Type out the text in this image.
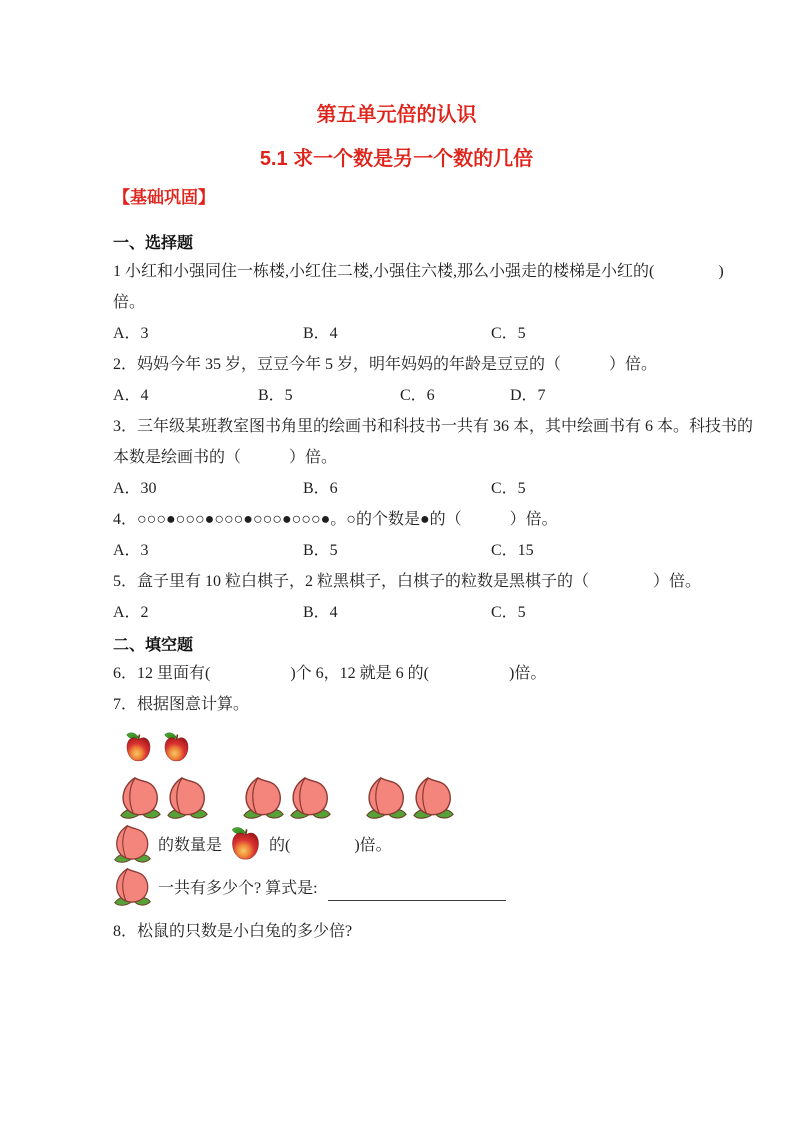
第五单元倍的认识
5.1 求一个数是另一个数的几倍
【基础巩固】
一、选择题
1 小红和小强同住一栋楼,小红住二楼,小强住六楼,那么小强走的楼梯是小红的(　　　　)
倍。
A．3	B．4	C．5
2．妈妈今年 35 岁，豆豆今年 5 岁，明年妈妈的年龄是豆豆的（　　　）倍。
A．4	B．5	C．6	D．7
3．三年级某班教室图书角里的绘画书和科技书一共有 36 本，其中绘画书有 6 本。科技书的
本数是绘画书的（　　　）倍。
A．30	B．6	C．5
4．○○○●○○○●○○○●○○○●○○○●。○的个数是●的（　　　）倍。
A．3	B．5	C．15
5．盒子里有 10 粒白棋子，2 粒黑棋子，白棋子的粒数是黑棋子的（　　　　）倍。
A．2	B．4	C．5
二、填空题
6．12 里面有(　　　　　)个 6，12 就是 6 的(　　　　　)倍。
7．根据图意计算。
的数量是	的(　　　　)倍。
一共有多少个? 算式是:
8．松鼠的只数是小白兔的多少倍?
